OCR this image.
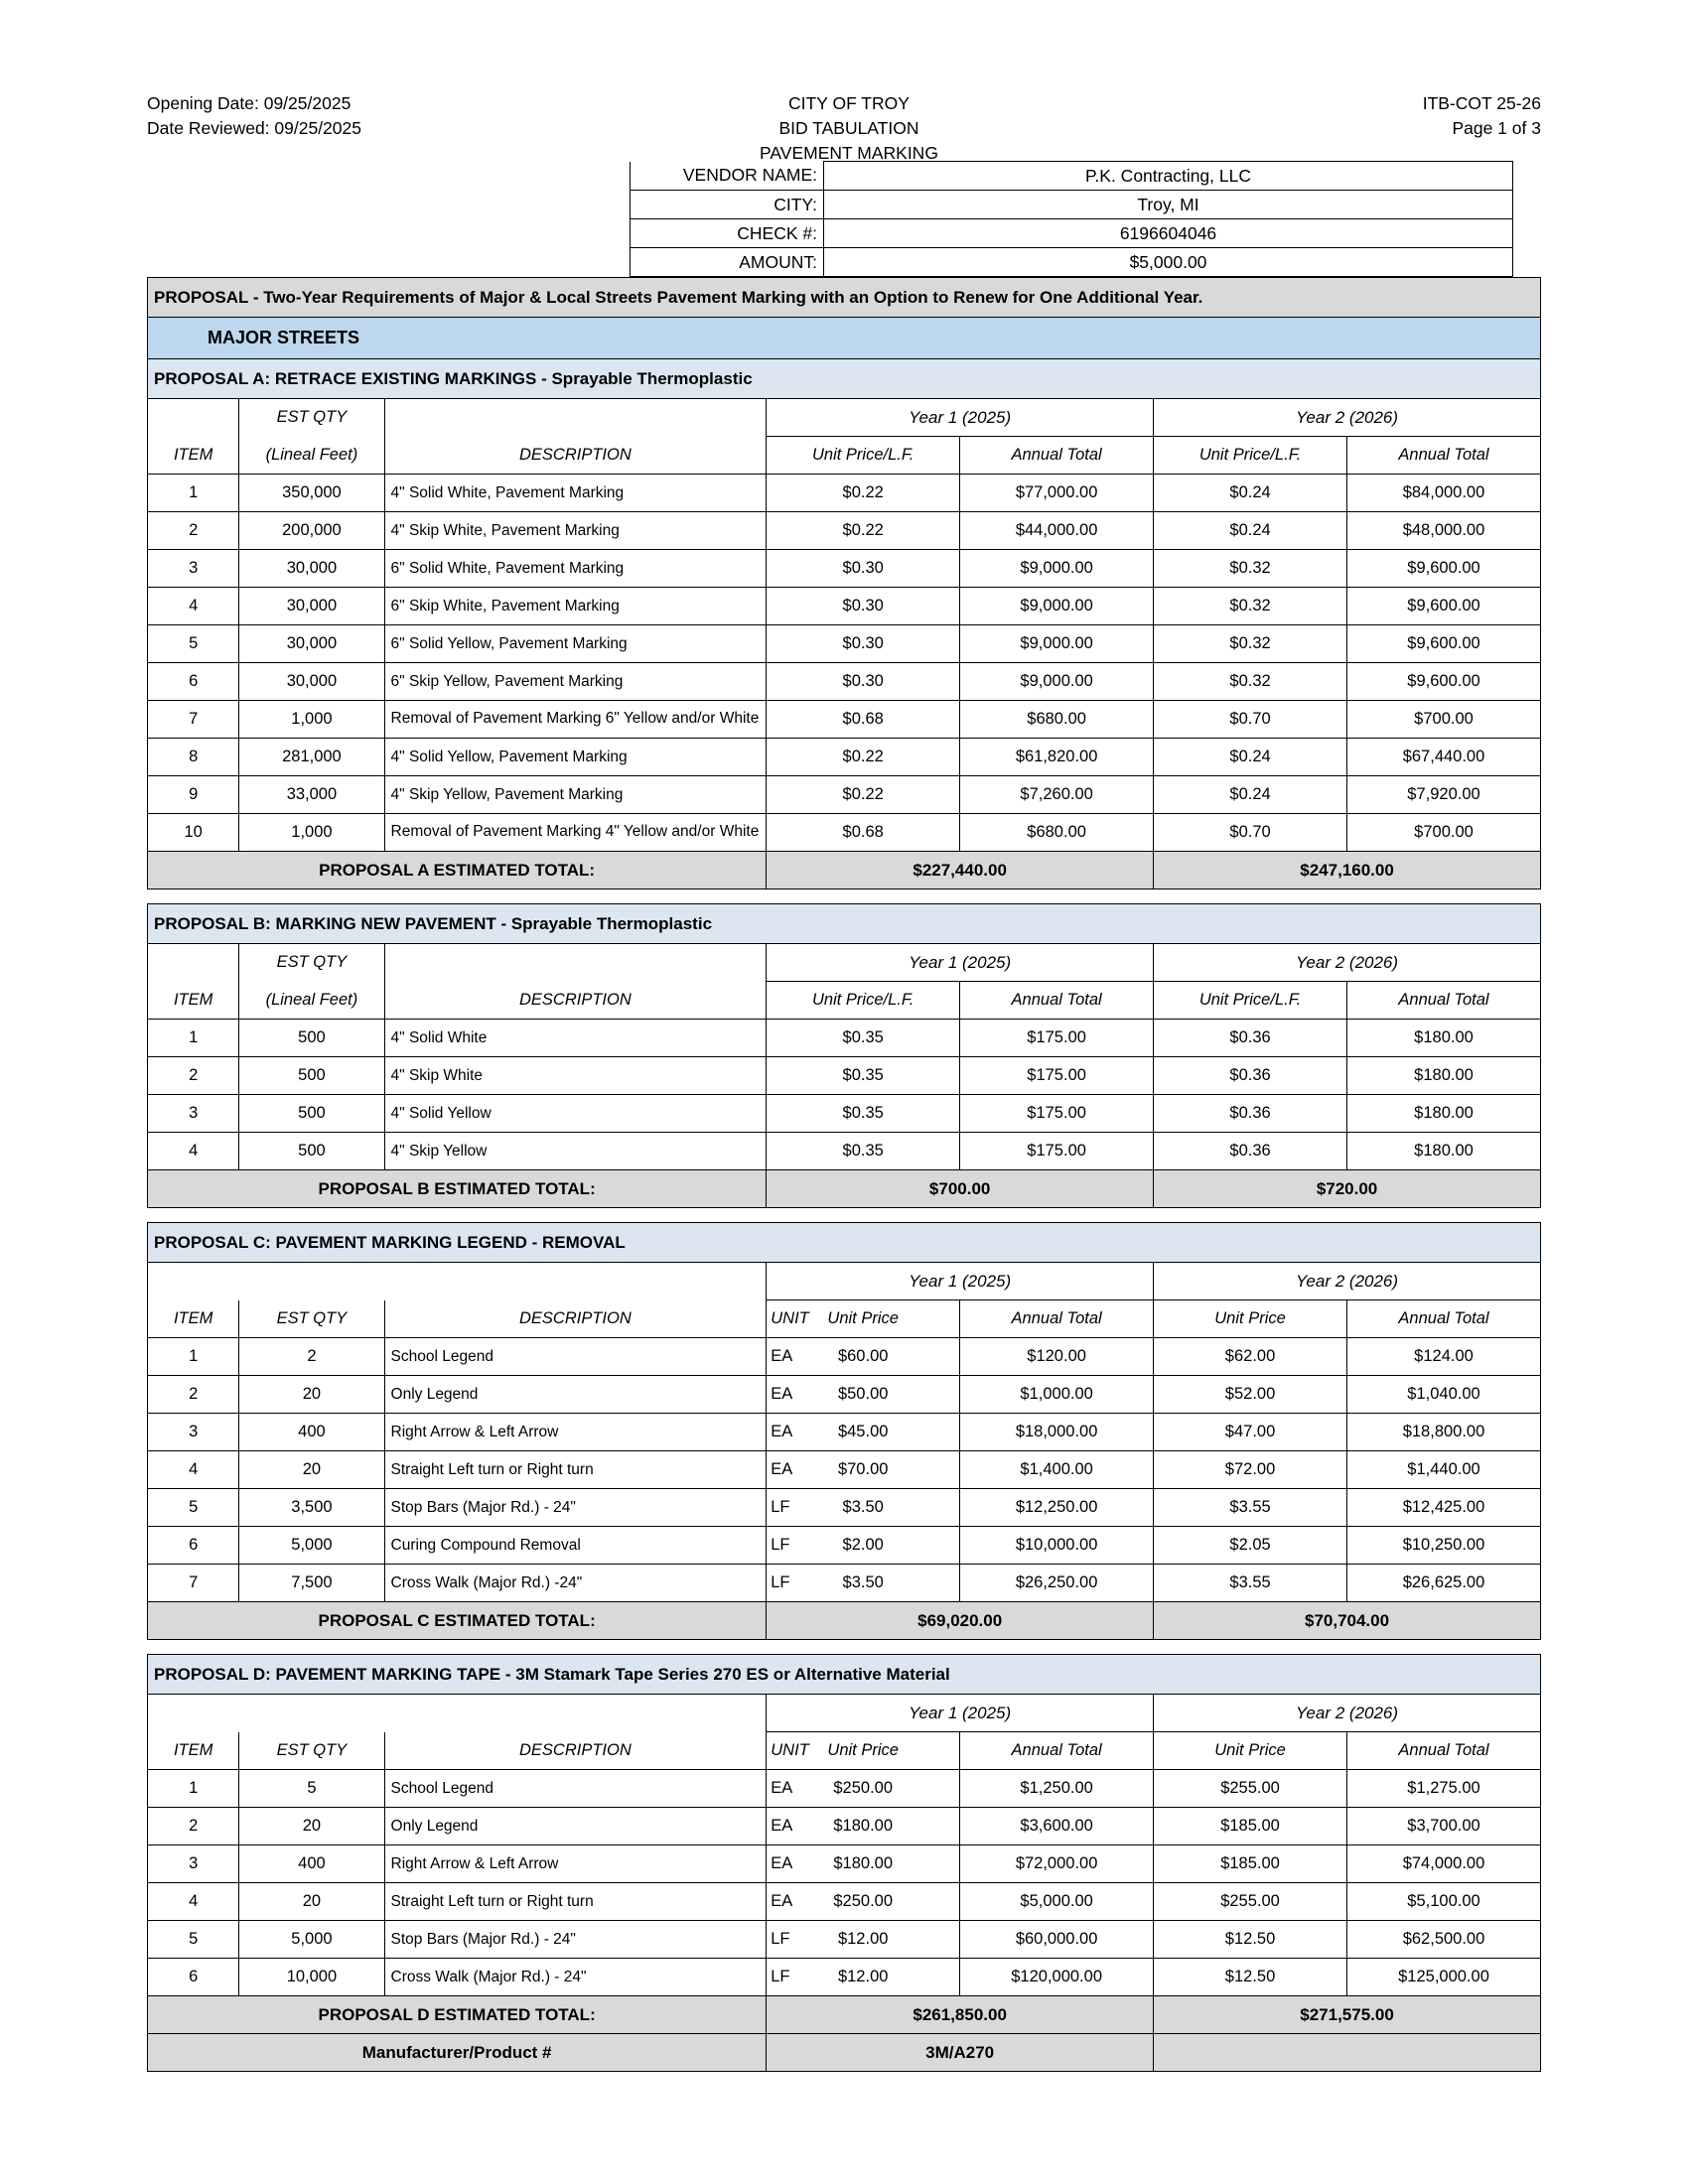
Opening Date: 09/25/2025
Date Reviewed: 09/25/2025
CITY OF TROY
BID TABULATION
PAVEMENT MARKING
ITB-COT 25-26
Page 1 of 3
VENDOR NAME:	P.K. Contracting, LLC
CITY:	Troy, MI
CHECK #:	6196604046
AMOUNT:	$5,000.00
PROPOSAL - Two-Year Requirements of Major & Local Streets Pavement Marking with an Option to Renew for One Additional Year.						
MAJOR STREETS						
PROPOSAL A: RETRACE EXISTING MARKINGS - Sprayable Thermoplastic						
	EST QTY		Year 1 (2025)		Year 2 (2026)	
ITEM	(Lineal Feet)	DESCRIPTION	Unit Price/L.F.	Annual Total	Unit Price/L.F.	Annual Total
1	350,000	4" Solid White, Pavement Marking	$0.22	$77,000.00	$0.24	$84,000.00
2	200,000	4" Skip White, Pavement Marking	$0.22	$44,000.00	$0.24	$48,000.00
3	30,000	6" Solid White, Pavement Marking	$0.30	$9,000.00	$0.32	$9,600.00
4	30,000	6" Skip White, Pavement Marking	$0.30	$9,000.00	$0.32	$9,600.00
5	30,000	6" Solid Yellow, Pavement Marking	$0.30	$9,000.00	$0.32	$9,600.00
6	30,000	6" Skip Yellow, Pavement Marking	$0.30	$9,000.00	$0.32	$9,600.00
7	1,000	Removal of Pavement Marking 6" Yellow and/or White	$0.68	$680.00	$0.70	$700.00
8	281,000	4" Solid Yellow, Pavement Marking	$0.22	$61,820.00	$0.24	$67,440.00
9	33,000	4" Skip Yellow, Pavement Marking	$0.22	$7,260.00	$0.24	$7,920.00
10	1,000	Removal of Pavement Marking 4" Yellow and/or White	$0.68	$680.00	$0.70	$700.00
PROPOSAL A ESTIMATED TOTAL:			$227,440.00		$247,160.00	

PROPOSAL B: MARKING NEW PAVEMENT - Sprayable Thermoplastic						
	EST QTY		Year 1 (2025)		Year 2 (2026)	
ITEM	(Lineal Feet)	DESCRIPTION	Unit Price/L.F.	Annual Total	Unit Price/L.F.	Annual Total
1	500	4" Solid White	$0.35	$175.00	$0.36	$180.00
2	500	4" Skip White	$0.35	$175.00	$0.36	$180.00
3	500	4" Solid Yellow	$0.35	$175.00	$0.36	$180.00
4	500	4" Skip Yellow	$0.35	$175.00	$0.36	$180.00
PROPOSAL B ESTIMATED TOTAL:			$700.00		$720.00	

PROPOSAL C: PAVEMENT MARKING LEGEND - REMOVAL						
			Year 1 (2025)		Year 2 (2026)	
ITEM	EST QTY	DESCRIPTION	UNIT	Unit Price	Annual Total	Unit Price	Annual Total
1	2	School Legend	EA	$60.00	$120.00	$62.00	$124.00
2	20	Only Legend	EA	$50.00	$1,000.00	$52.00	$1,040.00
3	400	Right Arrow & Left Arrow	EA	$45.00	$18,000.00	$47.00	$18,800.00
4	20	Straight Left turn or Right turn	EA	$70.00	$1,400.00	$72.00	$1,440.00
5	3,500	Stop Bars (Major Rd.) - 24"	LF	$3.50	$12,250.00	$3.55	$12,425.00
6	5,000	Curing Compound Removal	LF	$2.00	$10,000.00	$2.05	$10,250.00
7	7,500	Cross Walk (Major Rd.) -24"	LF	$3.50	$26,250.00	$3.55	$26,625.00
PROPOSAL C ESTIMATED TOTAL:			$69,020.00		$70,704.00	

PROPOSAL D: PAVEMENT MARKING TAPE - 3M Stamark Tape Series 270 ES or Alternative Material						
			Year 1 (2025)		Year 2 (2026)	
ITEM	EST QTY	DESCRIPTION	UNIT	Unit Price	Annual Total	Unit Price	Annual Total
1	5	School Legend	EA	$250.00	$1,250.00	$255.00	$1,275.00
2	20	Only Legend	EA	$180.00	$3,600.00	$185.00	$3,700.00
3	400	Right Arrow & Left Arrow	EA	$180.00	$72,000.00	$185.00	$74,000.00
4	20	Straight Left turn or Right turn	EA	$250.00	$5,000.00	$255.00	$5,100.00
5	5,000	Stop Bars (Major Rd.) - 24"	LF	$12.00	$60,000.00	$12.50	$62,500.00
6	10,000	Cross Walk (Major Rd.) - 24"	LF	$12.00	$120,000.00	$12.50	$125,000.00
PROPOSAL D ESTIMATED TOTAL:			$261,850.00		$271,575.00	
Manufacturer/Product #			3M/A270			
